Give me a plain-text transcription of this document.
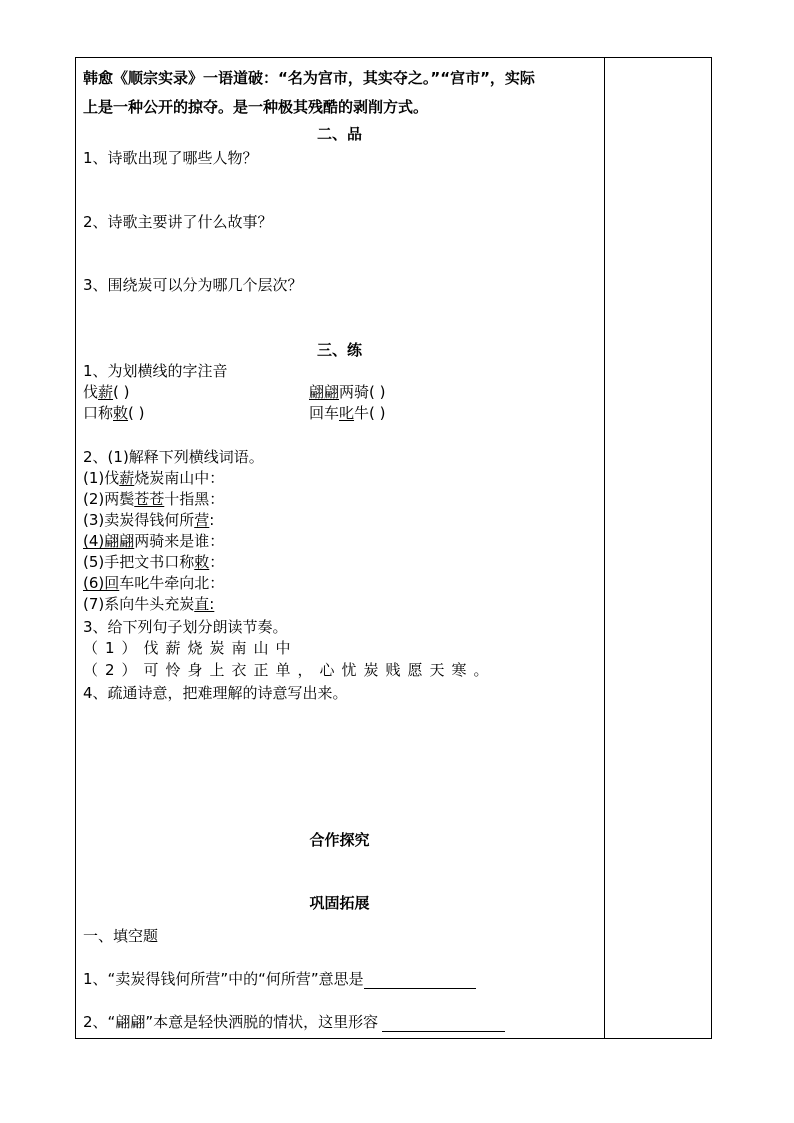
韩愈《顺宗实录》一语道破：“名为宫市，其实夺之。”“宫市”，实际
上是一种公开的掠夺。是一种极其残酷的剥削方式。
二、品
1、诗歌出现了哪些人物？
2、诗歌主要讲了什么故事？
3、围绕炭可以分为哪几个层次？
三、练
1、为划横线的字注音
伐薪( )	翩翩两骑( )
口称敕( )	回车叱牛( )
2、(1)解释下列横线词语。
(1)伐薪烧炭南山中：
(2)两鬓苍苍十指黑：
(3)卖炭得钱何所营:
(4)翩翩两骑来是谁：
(5)手把文书口称敕：
(6)回车叱牛牵向北：
(7)系向牛头充炭直:
3、给下列句子划分朗读节奏。
（1）伐薪烧炭南山中
（2）可怜身上衣正单，心忧炭贱愿天寒。
4、疏通诗意，把难理解的诗意写出来。
合作探究
巩固拓展
一、填空题
1、“卖炭得钱何所营”中的“何所营”意思是
2、“翩翩”本意是轻快洒脱的情状，这里形容
